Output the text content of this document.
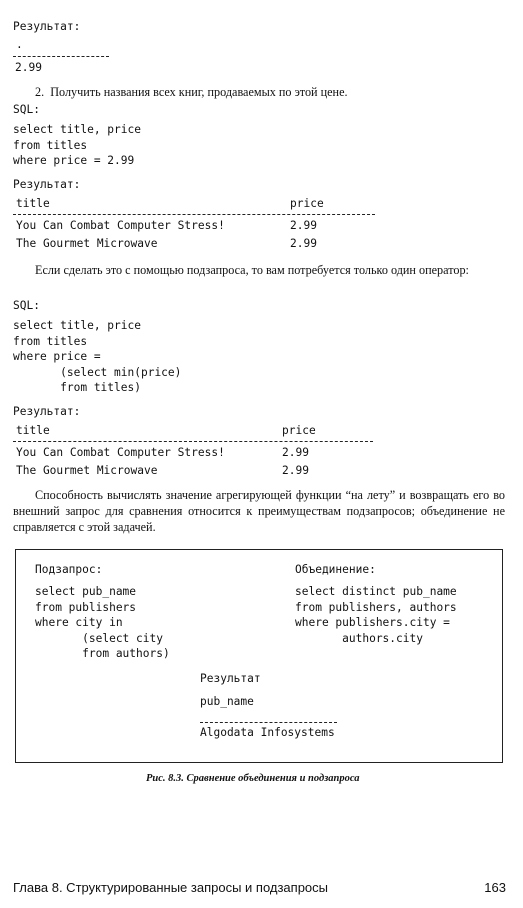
Результат:
.
2.99
2.  Получить названия всех книг, продаваемых по этой цене.
SQL:
select title, price
from titles
where price = 2.99
Результат:
title	price
You Can Combat Computer Stress!	2.99
The Gourmet Microwave	2.99

Если сделать это с помощью подзапроса, то вам потребуется только один оператор:

SQL:
select title, price
from titles
where price =
(select min(price)
from titles)
Результат:
title	price
You Can Combat Computer Stress!	2.99
The Gourmet Microwave	2.99

Способность вычислять значение агрегирующей функции “на лету” и возвращать его во внешний запрос для сравнения относится к преимуществам подзапросов; объединение не справляется с этой задачей.

Подзапрос:
select pub_name
from publishers
where city in
(select city
from authors)
Объединение:
select distinct pub_name
from publishers, authors
where publishers.city =
authors.city
Результат
pub_name
Algodata Infosystems
Рис. 8.3. Сравнение объединения и подзапроса
Глава 8. Структурированные запросы и подзапросы	163
